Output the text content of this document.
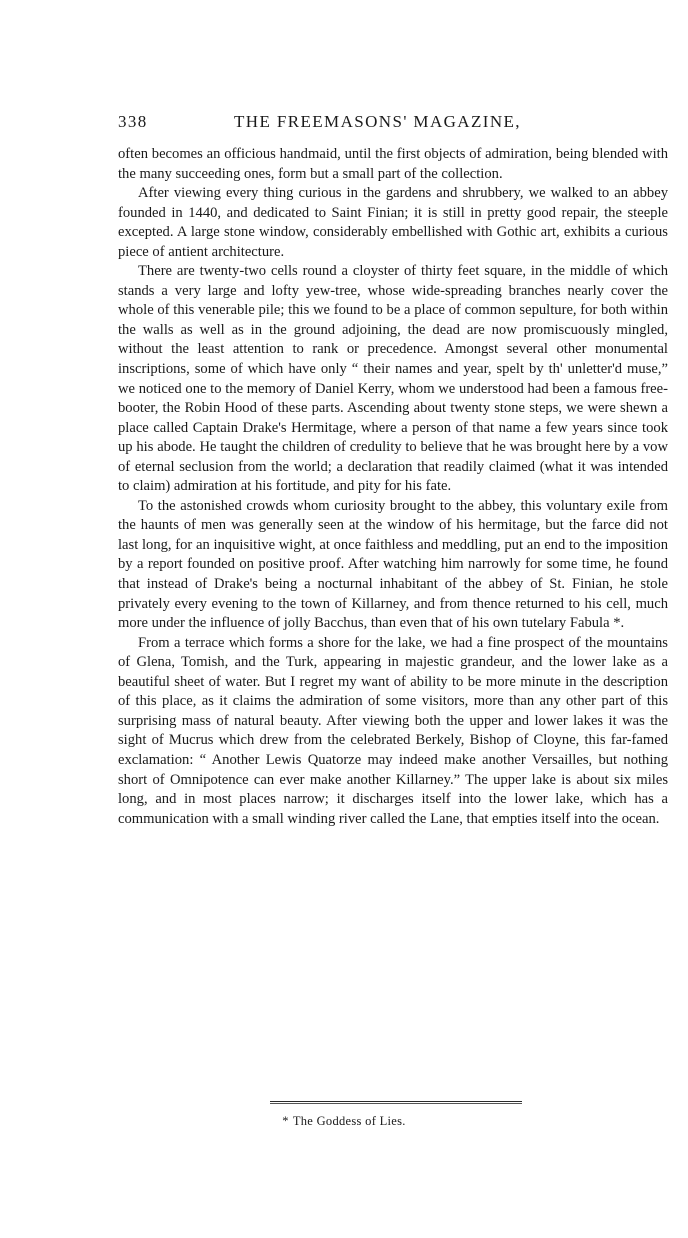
338	THE FREEMASONS' MAGAZINE,

often becomes an officious handmaid, until the first objects of admiration, being blended with the many succeeding ones, form but a small part of the collection.

After viewing every thing curious in the gardens and shrubbery, we walked to an abbey founded in 1440, and dedicated to Saint Finian; it is still in pretty good repair, the steeple excepted. A large stone window, considerably embellished with Gothic art, exhibits a curious piece of antient architecture.

There are twenty-two cells round a cloyster of thirty feet square, in the middle of which stands a very large and lofty yew-tree, whose wide-spreading branches nearly cover the whole of this venerable pile; this we found to be a place of common sepulture, for both within the walls as well as in the ground adjoining, the dead are now promiscuously mingled, without the least attention to rank or precedence. Amongst several other monumental inscriptions, some of which have only “ their names and year, spelt by th' unletter'd muse,” we noticed one to the memory of Daniel Kerry, whom we understood had been a famous free-booter, the Robin Hood of these parts. Ascending about twenty stone steps, we were shewn a place called Captain Drake's Hermitage, where a person of that name a few years since took up his abode. He taught the children of credulity to believe that he was brought here by a vow of eternal seclusion from the world; a declaration that readily claimed (what it was intended to claim) admiration at his fortitude, and pity for his fate.

To the astonished crowds whom curiosity brought to the abbey, this voluntary exile from the haunts of men was generally seen at the window of his hermitage, but the farce did not last long, for an inquisitive wight, at once faithless and meddling, put an end to the imposition by a report founded on positive proof. After watching him narrowly for some time, he found that instead of Drake's being a nocturnal inhabitant of the abbey of St. Finian, he stole privately every evening to the town of Killarney, and from thence returned to his cell, much more under the influence of jolly Bacchus, than even that of his own tutelary Fabula *.

From a terrace which forms a shore for the lake, we had a fine prospect of the mountains of Glena, Tomish, and the Turk, appearing in majestic grandeur, and the lower lake as a beautiful sheet of water. But I regret my want of ability to be more minute in the description of this place, as it claims the admiration of some visitors, more than any other part of this surprising mass of natural beauty. After viewing both the upper and lower lakes it was the sight of Mucrus which drew from the celebrated Berkely, Bishop of Cloyne, this far-famed exclamation: “ Another Lewis Quatorze may indeed make another Versailles, but nothing short of Omnipotence can ever make another Killarney.” The upper lake is about six miles long, and in most places narrow; it discharges itself into the lower lake, which has a communication with a small winding river called the Lane, that empties itself into the ocean.

* The Goddess of Lies.
